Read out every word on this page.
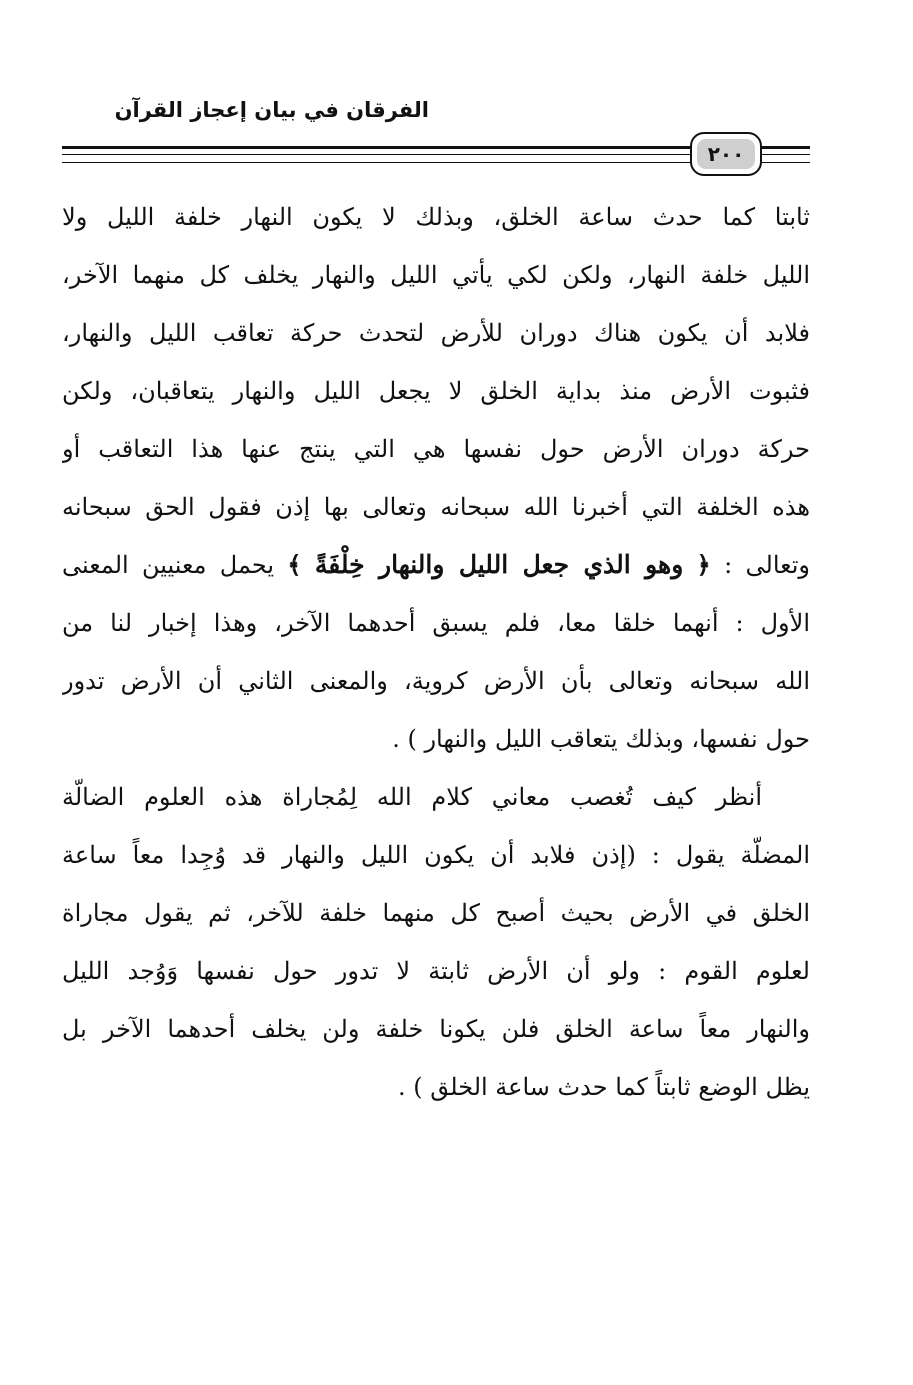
الفرقان في بيان إعجاز القرآن
٢٠٠
ثابتا كما حدث ساعة الخلق، وبذلك لا يكون النهار خلفة الليل ولا
الليل خلفة النهار، ولكن لكي يأتي الليل والنهار يخلف كل منهما الآخر،
فلابد أن يكون هناك دوران للأرض لتحدث حركة تعاقب الليل والنهار،
فثبوت الأرض منذ بداية الخلق لا يجعل الليل والنهار يتعاقبان، ولكن
حركة دوران الأرض حول نفسها هي التي ينتج عنها هذا التعاقب أو
هذه الخلفة التي أخبرنا الله سبحانه وتعالى بها إذن فقول الحق سبحانه
وتعالى : ﴿ وهو الذي جعل الليل والنهار خِلْفَةً ﴾ يحمل معنيين المعنى
الأول : أنهما خلقا معا، فلم يسبق أحدهما الآخر، وهذا إخبار لنا من
الله سبحانه وتعالى بأن الأرض كروية، والمعنى الثاني أن الأرض تدور
حول نفسها، وبذلك يتعاقب الليل والنهار ) .
أنظر كيف تُغصب معاني كلام الله لِمُجاراة هذه العلوم الضالّة
المضلّة يقول : (إذن فلابد أن يكون الليل والنهار قد وُجِدا معاً ساعة
الخلق في الأرض بحيث أصبح كل منهما خلفة للآخر، ثم يقول مجاراة
لعلوم القوم : ولو أن الأرض ثابتة لا تدور حول نفسها وَوُجد الليل
والنهار معاً ساعة الخلق فلن يكونا خلفة ولن يخلف أحدهما الآخر بل
يظل الوضع ثابتاً كما حدث ساعة الخلق ) .
